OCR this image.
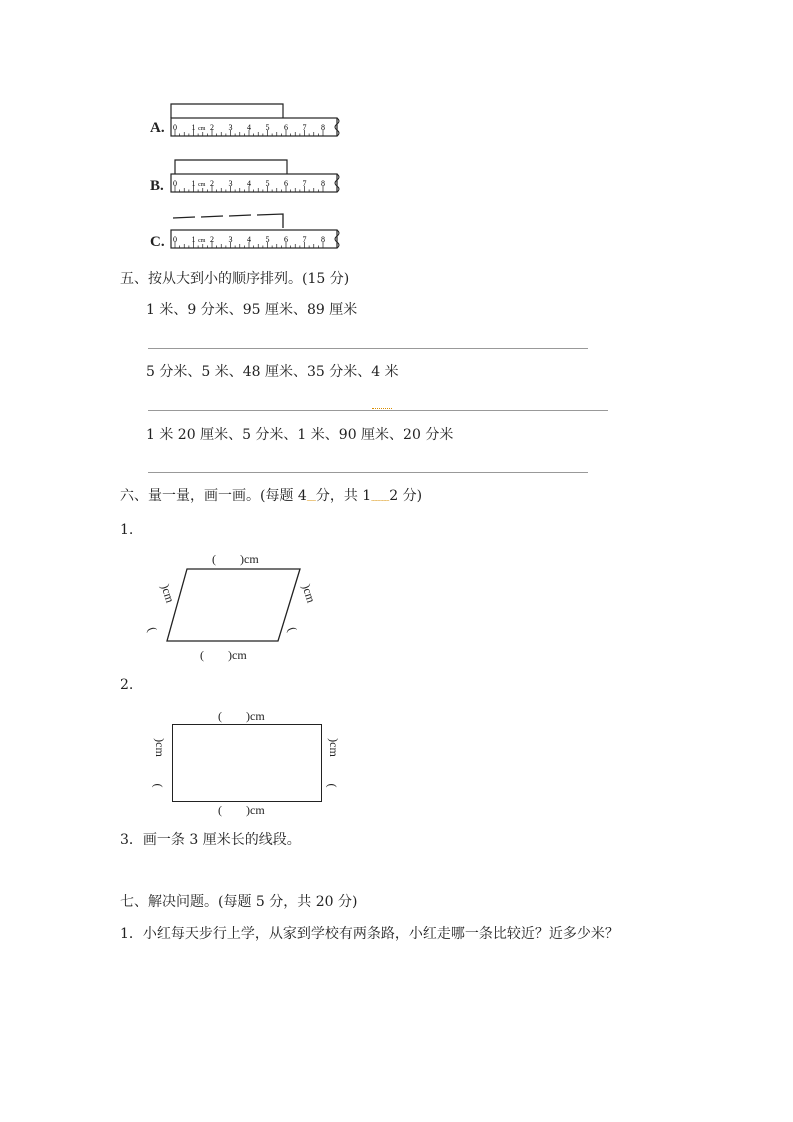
A.
B.
C.
0 1 2 3 4 5 6 7 8
cm
0 1 2 3 4 5 6 7 8
cm
0 1 2 3 4 5 6 7 8
cm
五、按从大到小的顺序排列。(15 分)
1 米、9 分米、95 厘米、89 厘米
5 分米、5 米、48 厘米、35 分米、4 米
1 米 20 厘米、5 分米、1 米、90 厘米、20 分米
六、量一量，画一画。(每题 4﹏分，共 1﹏﹏2 分)
1.
(　　)cm
(　　)cm
)cm
(
)cm
(
2.
(　　)cm
(　　)cm
)cm
(
)cm
(
3．画一条 3 厘米长的线段。
七、解决问题。(每题 5 分，共 20 分)
1．小红每天步行上学，从家到学校有两条路，小红走哪一条比较近？近多少米？
